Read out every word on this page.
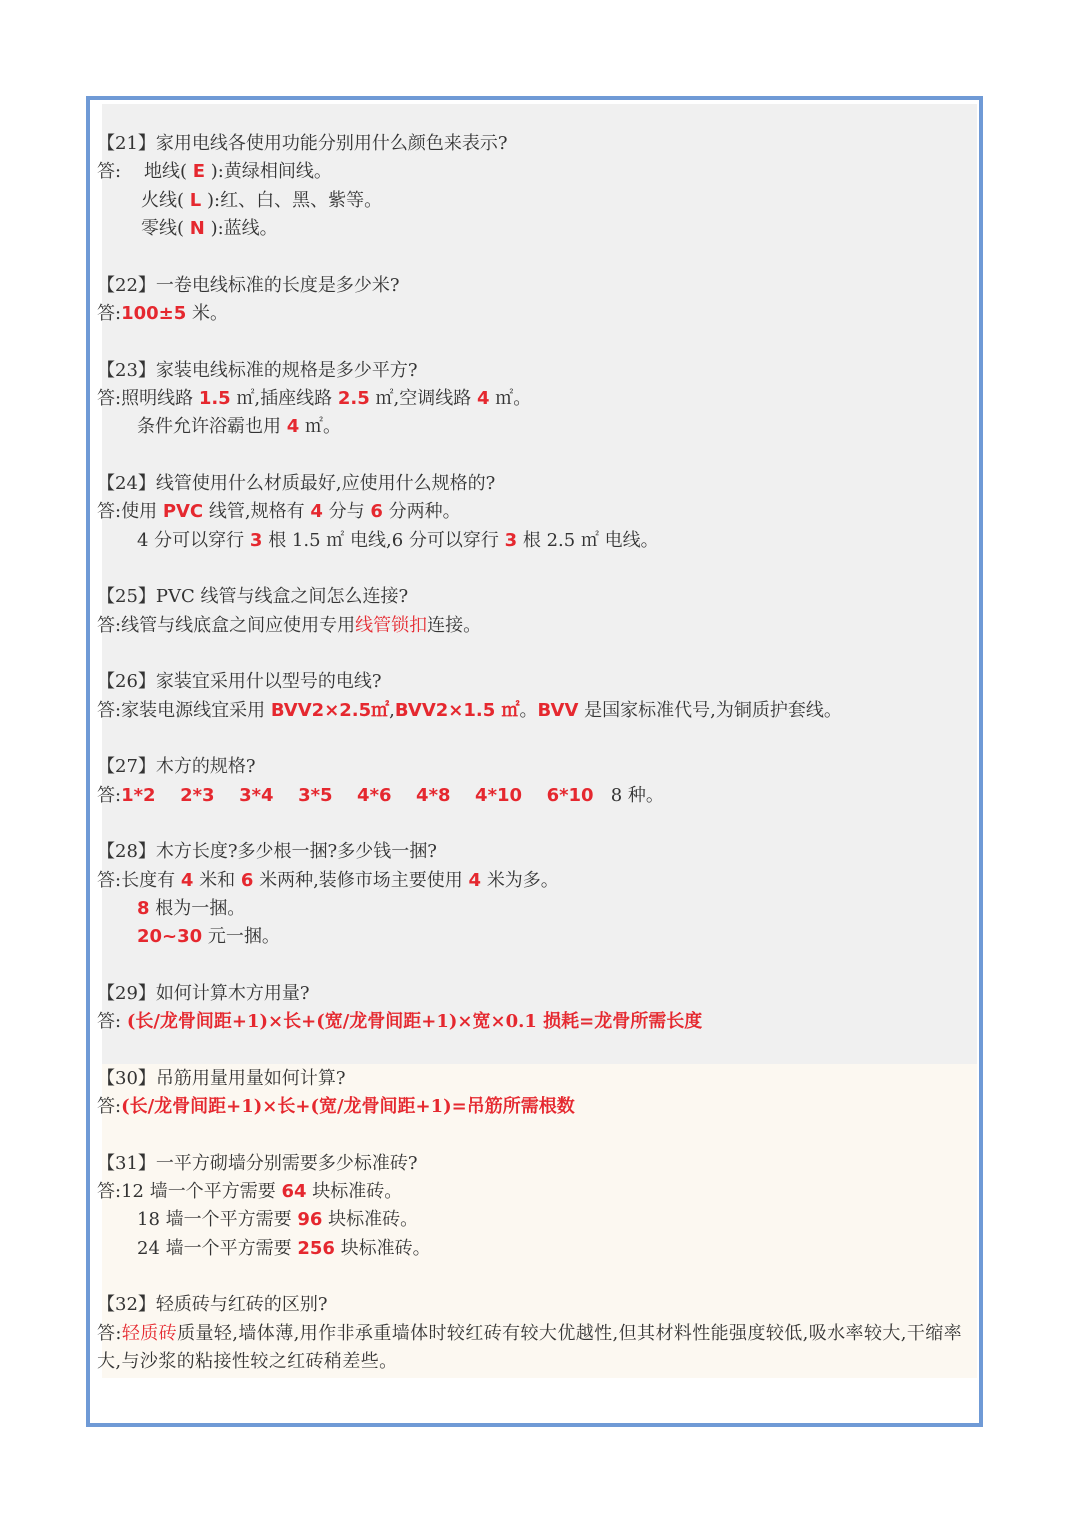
【21】家用电线各使用功能分别用什么颜色来表示?
答: 地线( E ):黄绿相间线。
火线( L ):红、白、黑、紫等。
零线( N ):蓝线。
【22】一卷电线标准的长度是多少米?
答:100±5 米。
【23】家装电线标准的规格是多少平方?
答:照明线路 1.5 ㎡,插座线路 2.5 ㎡,空调线路 4 ㎡。
条件允许浴霸也用 4 ㎡。
【24】线管使用什么材质最好,应使用什么规格的?
答:使用 PVC 线管,规格有 4 分与 6 分两种。
4 分可以穿行 3 根 1.5 ㎡ 电线,6 分可以穿行 3 根 2.5 ㎡ 电线。
【25】PVC 线管与线盒之间怎么连接?
答:线管与线底盒之间应使用专用线管锁扣连接。
【26】家装宜采用什以型号的电线?
答:家装电源线宜采用 BVV2×2.5㎡,BVV2×1.5 ㎡。BVV 是国家标准代号,为铜质护套线。
【27】木方的规格?
答:1*2  2*3  3*4  3*5  4*6  4*8  4*10  6*10 8 种。
【28】木方长度?多少根一捆?多少钱一捆?
答:长度有 4 米和 6 米两种,装修市场主要使用 4 米为多。
8 根为一捆。
20~30 元一捆。
【29】如何计算木方用量?
答: (长/龙骨间距+1)×长+(宽/龙骨间距+1)×宽×0.1 损耗=龙骨所需长度
【30】吊筋用量用量如何计算?
答:(长/龙骨间距+1)×长+(宽/龙骨间距+1)=吊筋所需根数
【31】一平方砌墙分别需要多少标准砖?
答:12 墙一个平方需要 64 块标准砖。
18 墙一个平方需要 96 块标准砖。
24 墙一个平方需要 256 块标准砖。
【32】轻质砖与红砖的区别?
答:轻质砖质量轻,墙体薄,用作非承重墙体时较红砖有较大优越性,但其材料性能强度较低,吸水率较大,干缩率大,与沙浆的粘接性较之红砖稍差些。
